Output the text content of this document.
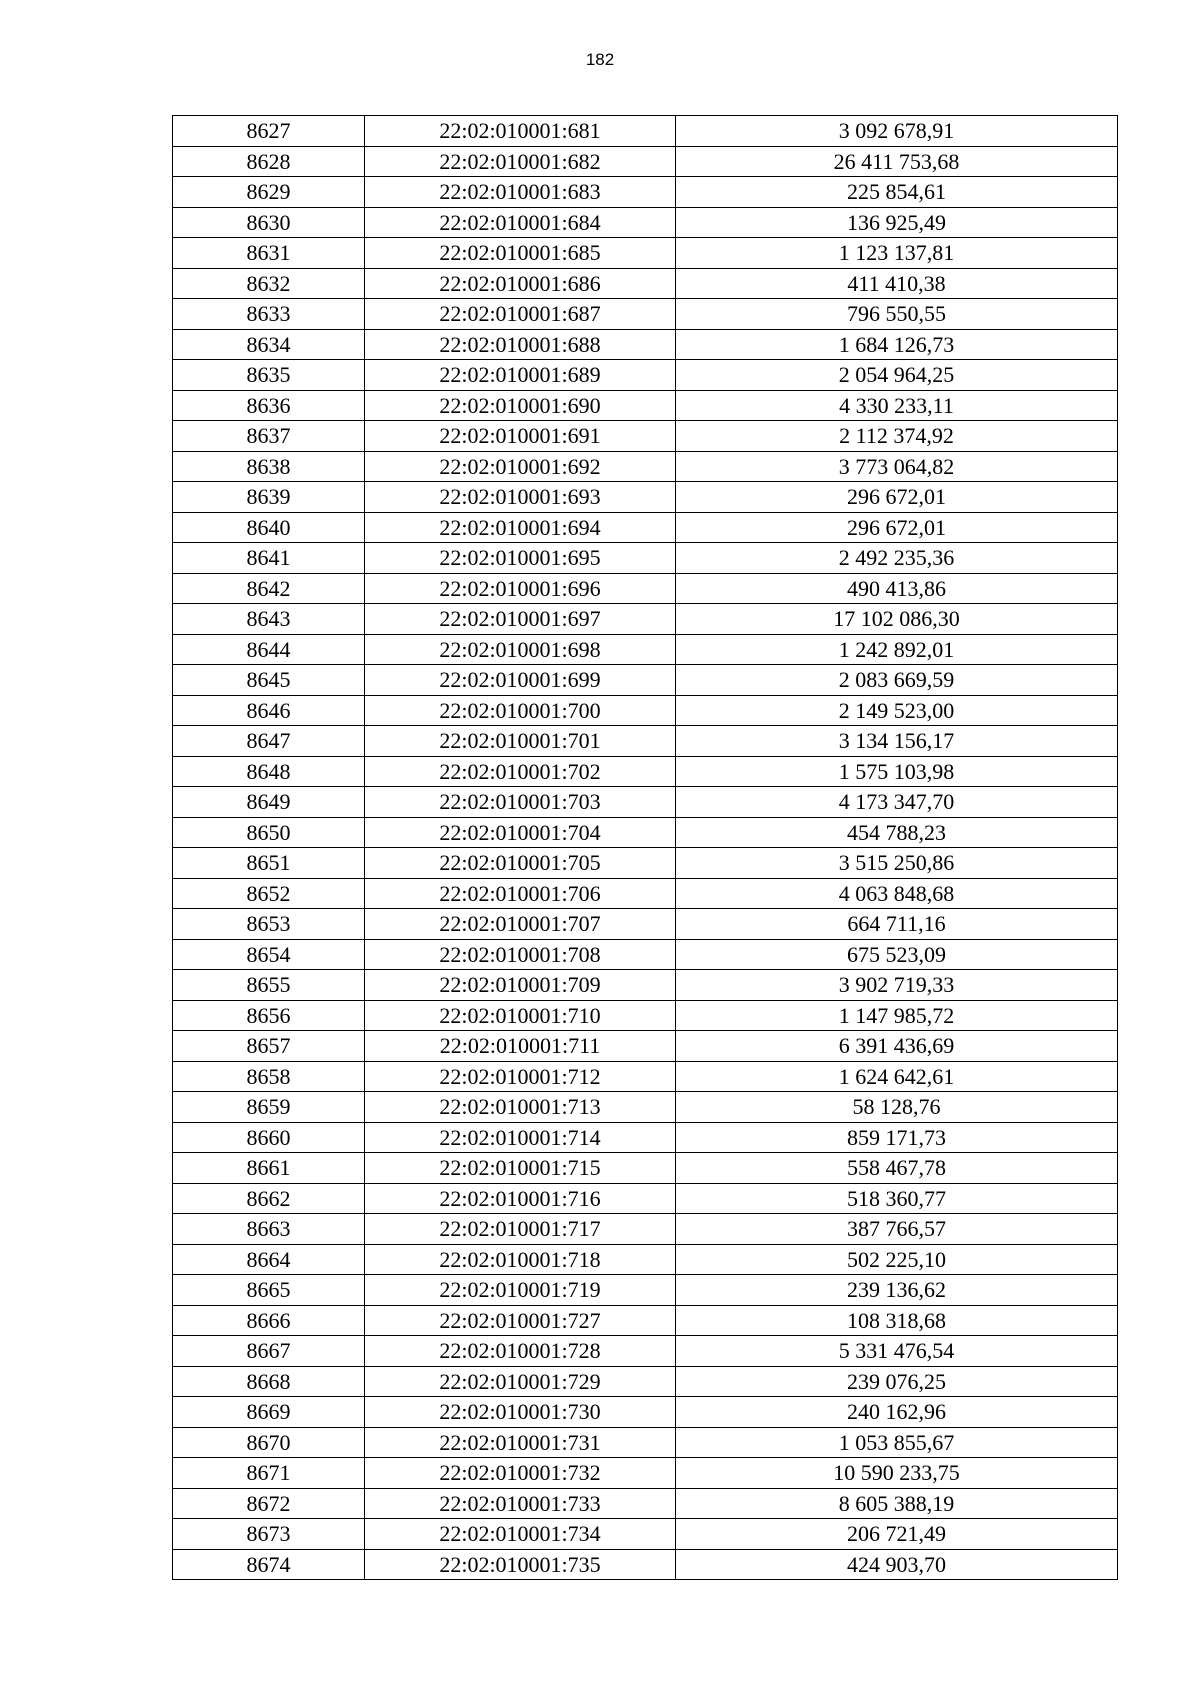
182
8627	22:02:010001:681	3 092 678,91
8628	22:02:010001:682	26 411 753,68
8629	22:02:010001:683	225 854,61
8630	22:02:010001:684	136 925,49
8631	22:02:010001:685	1 123 137,81
8632	22:02:010001:686	411 410,38
8633	22:02:010001:687	796 550,55
8634	22:02:010001:688	1 684 126,73
8635	22:02:010001:689	2 054 964,25
8636	22:02:010001:690	4 330 233,11
8637	22:02:010001:691	2 112 374,92
8638	22:02:010001:692	3 773 064,82
8639	22:02:010001:693	296 672,01
8640	22:02:010001:694	296 672,01
8641	22:02:010001:695	2 492 235,36
8642	22:02:010001:696	490 413,86
8643	22:02:010001:697	17 102 086,30
8644	22:02:010001:698	1 242 892,01
8645	22:02:010001:699	2 083 669,59
8646	22:02:010001:700	2 149 523,00
8647	22:02:010001:701	3 134 156,17
8648	22:02:010001:702	1 575 103,98
8649	22:02:010001:703	4 173 347,70
8650	22:02:010001:704	454 788,23
8651	22:02:010001:705	3 515 250,86
8652	22:02:010001:706	4 063 848,68
8653	22:02:010001:707	664 711,16
8654	22:02:010001:708	675 523,09
8655	22:02:010001:709	3 902 719,33
8656	22:02:010001:710	1 147 985,72
8657	22:02:010001:711	6 391 436,69
8658	22:02:010001:712	1 624 642,61
8659	22:02:010001:713	58 128,76
8660	22:02:010001:714	859 171,73
8661	22:02:010001:715	558 467,78
8662	22:02:010001:716	518 360,77
8663	22:02:010001:717	387 766,57
8664	22:02:010001:718	502 225,10
8665	22:02:010001:719	239 136,62
8666	22:02:010001:727	108 318,68
8667	22:02:010001:728	5 331 476,54
8668	22:02:010001:729	239 076,25
8669	22:02:010001:730	240 162,96
8670	22:02:010001:731	1 053 855,67
8671	22:02:010001:732	10 590 233,75
8672	22:02:010001:733	8 605 388,19
8673	22:02:010001:734	206 721,49
8674	22:02:010001:735	424 903,70
